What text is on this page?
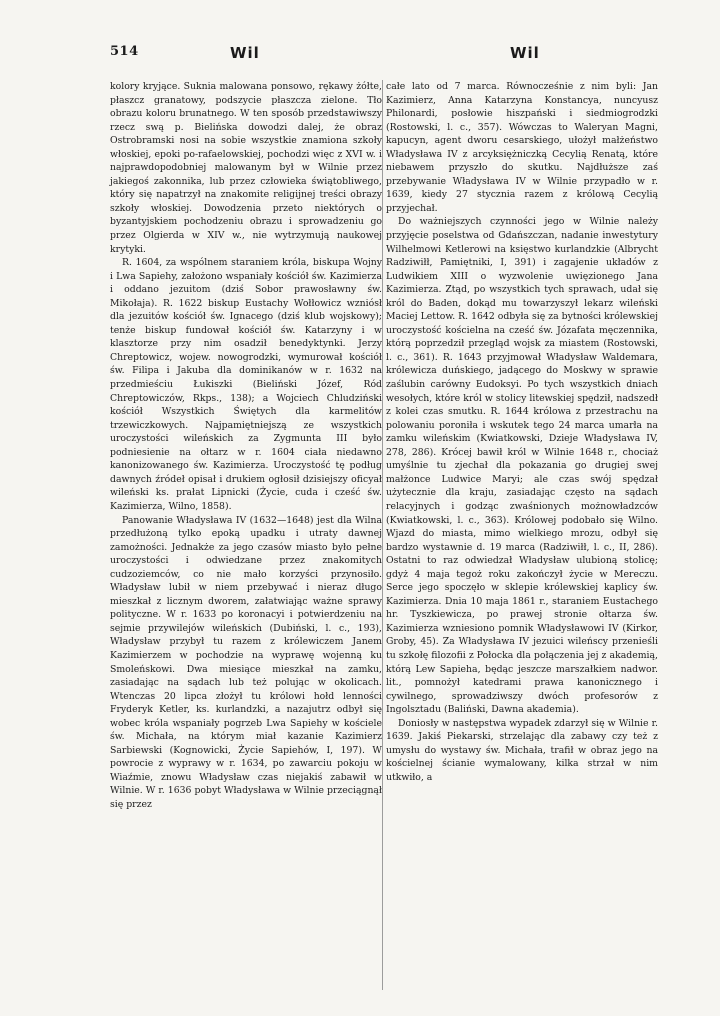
514	Wil	Wil

kolory kryjące. Suknia malowana ponsowo, rękawy żółte, płaszcz granatowy, podszycie płaszcza zielone. Tło obrazu koloru brunatnego. W ten sposób przedstawiwszy rzecz swą p. Bielińska dowodzi dalej, że obraz Ostrobramski nosi na sobie wszystkie znamiona szkoły włoskiej, epoki po-rafaelowskiej, pochodzi więc z XVI w. i najprawdopodobniej malowanym był w Wilnie przez jakiegoś zakonnika, lub przez człowieka świątobliwego, który się napatrzył na znakomite religijnej treści obrazy szkoły włoskiej. Dowodzenia przeto niektórych o byzantyjskiem pochodzeniu obrazu i sprowadzeniu go przez Olgierda w XIV w., nie wytrzymują naukowej krytyki.

R. 1604, za wspólnem staraniem króla, biskupa Wojny i Lwa Sapiehy, założono wspaniały kościół św. Kazimierza i oddano jezuitom (dziś Sobor prawosławny św. Mikołaja). R. 1622 biskup Eustachy Wołłowicz wzniósł dla jezuitów kościół św. Ignacego (dziś klub wojskowy); tenże biskup fundował kościół św. Katarzyny i w klasztorze przy nim osadził benedyktynki. Jerzy Chreptowicz, wojew. nowogrodzki, wymurował kościół św. Filipa i Jakuba dla dominikanów w r. 1632 na przedmieściu Łukiszki (Bieliński Józef, Ród Chreptowiczów, Rkps., 138); a Wojciech Chludziński kościół Wszystkich Świętych dla karmelitów trzewiczkowych. Najpamiętniejszą ze wszystkich uroczystości wileńskich za Zygmunta III było podniesienie na ołtarz w r. 1604 ciała niedawno kanonizowanego św. Kazimierza. Uroczystość tę podług dawnych źródeł opisał i drukiem ogłosił dzisiejszy oficyał wileński ks. prałat Lipnicki (Życie, cuda i cześć św. Kazimierza, Wilno, 1858).

Panowanie Władysława IV (1632—1648) jest dla Wilna przedłużoną tylko epoką upadku i utraty dawnej zamożności. Jednakże za jego czasów miasto było pełne uroczystości i odwiedzane przez znakomitych cudzoziemców, co nie mało korzyści przynosiło. Władysław lubił w niem przebywać i nieraz długo mieszkał z licznym dworem, załatwiając ważne sprawy polityczne. W r. 1633 po koronacyi i potwierdzeniu na sejmie przywilejów wileńskich (Dubiński, l. c., 193), Władysław przybył tu razem z królewiczem Janem Kazimierzem w pochodzie na wyprawę wojenną ku Smoleńskowi. Dwa miesiące mieszkał na zamku, zasiadając na sądach lub też polując w okolicach. Wtenczas 20 lipca złożył tu królowi hołd lenności Fryderyk Ketler, ks. kurlandzki, a nazajutrz odbył się wobec króla wspaniały pogrzeb Lwa Sapiehy w kościele św. Michała, na którym miał kazanie Kazimierz Sarbiewski (Kognowicki, Życie Sapiehów, I, 197). W powrocie z wyprawy w r. 1634, po zawarciu pokoju w Wiaźmie, znowu Władysław czas niejakiś zabawił w Wilnie. W r. 1636 pobyt Władysława w Wilnie przeciągnął się przez

całe lato od 7 marca. Równocześnie z nim byli: Jan Kazimierz, Anna Katarzyna Konstancya, nuncyusz Philonardi, posłowie hiszpański i siedmiogrodzki (Rostowski, l. c., 357). Wówczas to Waleryan Magni, kapucyn, agent dworu cesarskiego, ułożył małżeństwo Władysława IV z arcyksiężniczką Cecylią Renatą, które niebawem przyszło do skutku. Najdłuższe zaś przebywanie Władysława IV w Wilnie przypadło w r. 1639, kiedy 27 stycznia razem z królową Cecylią przyjechał.

Do ważniejszych czynności jego w Wilnie należy przyjęcie poselstwa od Gdańszczan, nadanie inwestytury Wilhelmowi Ketlerowi na księstwo kurlandzkie (Albrycht Radziwiłł, Pamiętniki, I, 391) i zagajenie układów z Ludwikiem XIII o wyzwolenie uwięzionego Jana Kazimierza. Ztąd, po wszystkich tych sprawach, udał się król do Baden, dokąd mu towarzyszył lekarz wileński Maciej Lettow. R. 1642 odbyła się za bytności królewskiej uroczystość kościelna na cześć św. Józafata męczennika, którą poprzedził przegląd wojsk za miastem (Rostowski, l. c., 361). R. 1643 przyjmował Władysław Waldemara, królewicza duńskiego, jadącego do Moskwy w sprawie zaślubin carówny Eudoksyi. Po tych wszystkich dniach wesołych, które król w stolicy litewskiej spędził, nadszedł z kolei czas smutku. R. 1644 królowa z przestrachu na polowaniu poroniła i wskutek tego 24 marca umarła na zamku wileńskim (Kwiatkowski, Dzieje Władysława IV, 278, 286). Krócej bawił król w Wilnie 1648 r., chociaż umyślnie tu zjechał dla pokazania go drugiej swej małżonce Ludwice Maryi; ale czas swój spędzał użytecznie dla kraju, zasiadając często na sądach relacyjnych i godząc zwaśnionych możnowładzców (Kwiatkowski, l. c., 363). Królowej podobało się Wilno. Wjazd do miasta, mimo wielkiego mrozu, odbył się bardzo wystawnie d. 19 marca (Radziwiłł, l. c., II, 286). Ostatni to raz odwiedzał Władysław ulubioną stolicę; gdyż 4 maja tegoż roku zakończył życie w Mereczu. Serce jego spoczęło w sklepie królewskiej kaplicy św. Kazimierza. Dnia 10 maja 1861 r., staraniem Eustachego hr. Tyszkiewicza, po prawej stronie ołtarza św. Kazimierza wzniesiono pomnik Władysławowi IV (Kirkor, Groby, 45). Za Władysława IV jezuici wileńscy przenieśli tu szkołę filozofii z Połocka dla połączenia jej z akademią, którą Lew Sapieha, będąc jeszcze marszałkiem nadwor. lit., pomnożył katedrami prawa kanonicznego i cywilnego, sprowadziwszy dwóch profesorów z Ingolsztadu (Baliński, Dawna akademia).

Doniosły w następstwa wypadek zdarzył się w Wilnie r. 1639. Jakiś Piekarski, strzelając dla zabawy czy też z umysłu do wystawy św. Michała, trafił w obraz jego na kościelnej ścianie wymalowany, kilka strzał w nim utkwiło, a
